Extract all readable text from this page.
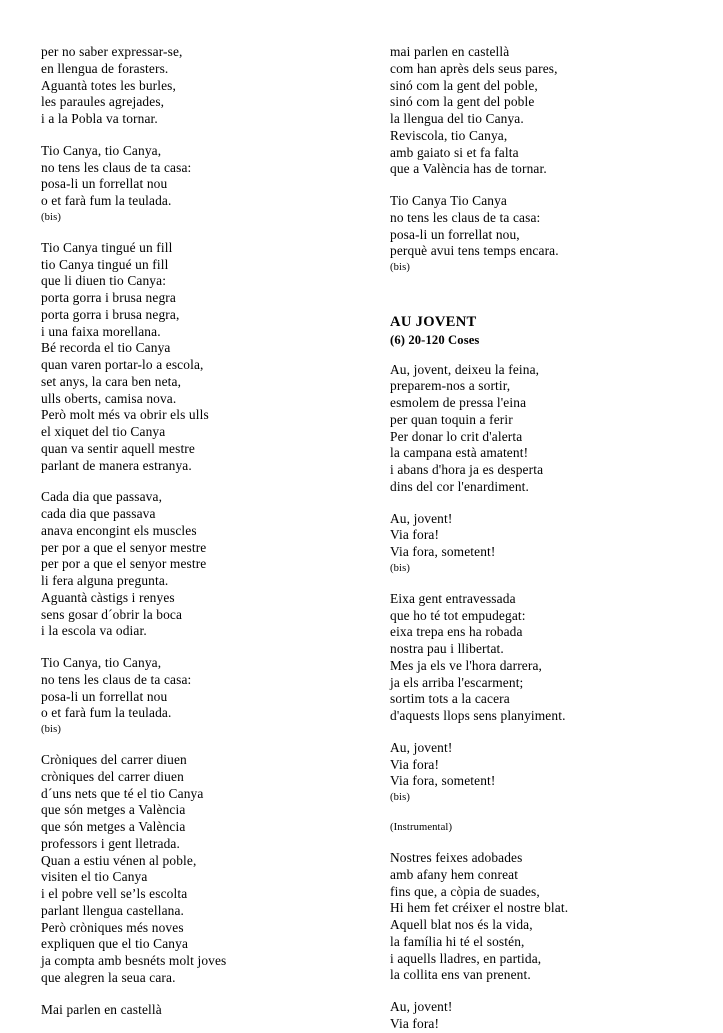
per no saber expressar-se,
en llengua de forasters.
Aguantà totes les burles,
les paraules agrejades,
i a la Pobla va tornar.
Tio Canya, tio Canya,
no tens les claus de ta casa:
posa-li un forrellat nou
o et farà fum la teulada.
(bis)
Tio Canya tingué un fill
tio Canya tingué un fill
que li diuen tio Canya:
porta gorra i brusa negra
porta gorra i brusa negra,
i una faixa morellana.
Bé recorda el tio Canya
quan varen portar-lo a escola,
set anys, la cara ben neta,
ulls oberts, camisa nova.
Però molt més va obrir els ulls
el xiquet del tio Canya
quan va sentir aquell mestre
parlant de manera estranya.
Cada dia que passava,
cada dia que passava
anava encongint els muscles
per por a que el senyor mestre
per por a que el senyor mestre
li fera alguna pregunta.
Aguantà càstigs i renyes
sens gosar d´obrir la boca
i la escola va odiar.
Tio Canya, tio Canya,
no tens les claus de ta casa:
posa-li un forrellat nou
o et farà fum la teulada.
(bis)
Cròniques del carrer diuen
cròniques del carrer diuen
d´uns nets que té el tio Canya
que són metges a València
que són metges a València
professors i gent lletrada.
Quan a estiu vénen al poble,
visiten el tio Canya
i el pobre vell se’ls escolta
parlant llengua castellana.
Però cròniques més noves
expliquen que el tio Canya
ja compta amb besnéts molt joves
que alegren la seua cara.
Mai parlen en castellà
mai parlen en castellà
com han après dels seus pares,
sinó com la gent del poble,
sinó com la gent del poble
la llengua del tio Canya.
Reviscola, tio Canya,
amb gaiato si et fa falta
que a València has de tornar.
Tio Canya Tio Canya
no tens les claus de ta casa:
posa-li un forrellat nou,
perquè avui tens temps encara.
(bis)
AU JOVENT
(6) 20-120 Coses
Au, jovent, deixeu la feina,
preparem-nos a sortir,
esmolem de pressa l'eina
per quan toquin a ferir
Per donar lo crit d'alerta
la campana està amatent!
i abans d'hora ja es desperta
dins del cor l'enardiment.
Au, jovent!
Via fora!
Via fora, sometent!
(bis)
Eixa gent entravessada
que ho té tot empudegat:
eixa trepa ens ha robada
nostra pau i llibertat.
Mes ja els ve l'hora darrera,
ja els arriba l'escarment;
sortim tots a la cacera
d'aquests llops sens planyiment.
Au, jovent!
Via fora!
Via fora, sometent!
(bis)
(Instrumental)
Nostres feixes adobades
amb afany hem conreat
fins que, a còpia de suades,
Hi hem fet créixer el nostre blat.
Aquell blat nos és la vida,
la família hi té el sostén,
i aquells lladres, en partida,
la collita ens van prenent.
Au, jovent!
Via fora!
